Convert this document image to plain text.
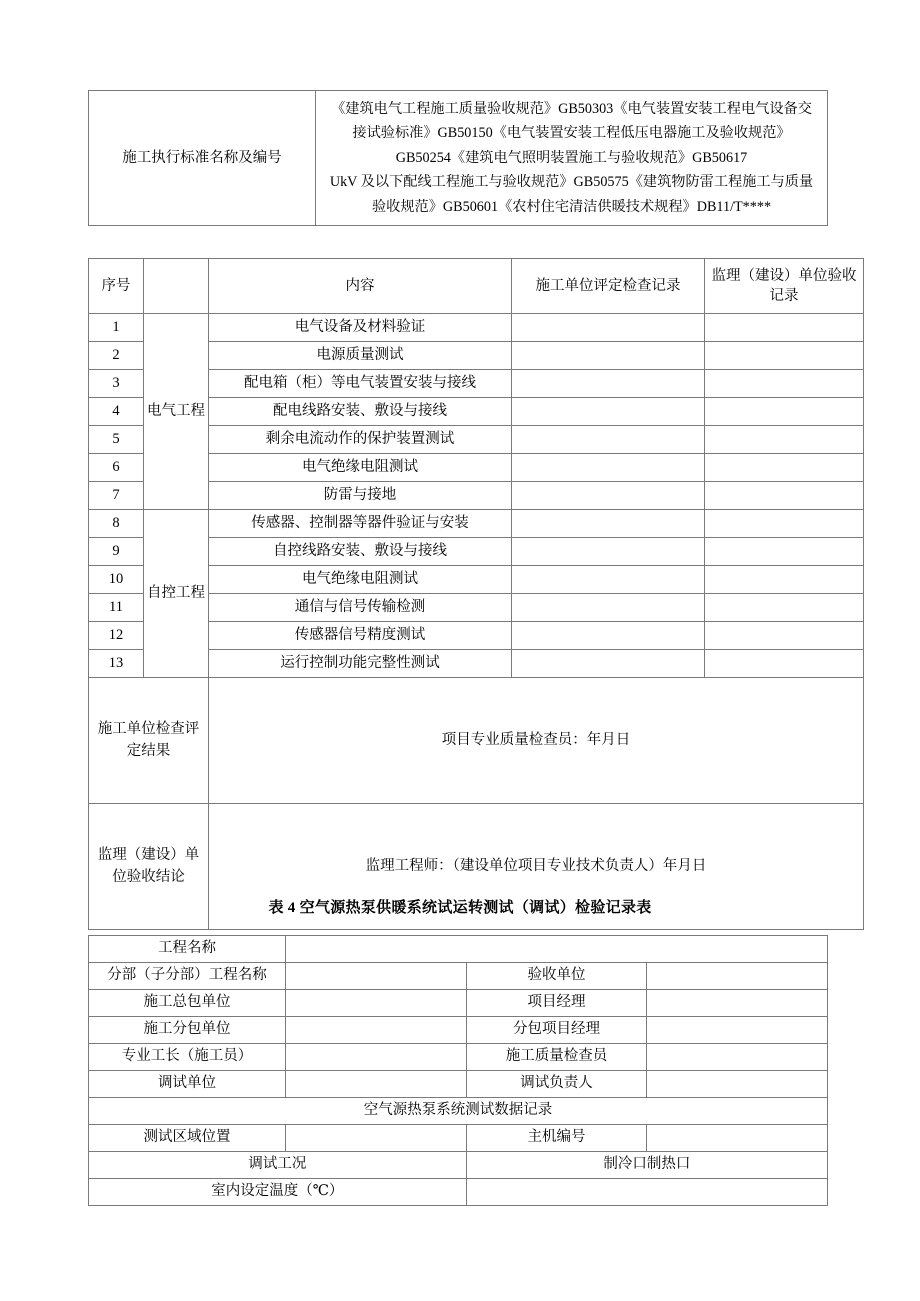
施工执行标准名称及编号	
《建筑电气工程施工质量验收规范》GB50303《电气装置安装工程电气设备交
接试验标准》GB50150《电气装置安装工程低压电器施工及验收规范》
GB50254《建筑电气照明装置施工与验收规范》GB50617
UkV 及以下配线工程施工与验收规范》GB50575《建筑物防雷工程施工与质量
验收规范》GB50601《农村住宅清洁供暖技术规程》DB11/T****
序号		内容	施工单位评定检查记录	监理（建设）单位验收记录
1	电气工程	电气设备及材料验证		
2		电源质量测试		
3		配电箱（柜）等电气装置安装与接线		
4		配电线路安装、敷设与接线		
5		剩余电流动作的保护装置测试		
6		电气绝缘电阻测试		
7		防雷与接地		
8	自控工程	传感器、控制器等器件验证与安装		
9		自控线路安装、敷设与接线		
10		电气绝缘电阻测试		
11		通信与信号传输检测		
12		传感器信号精度测试		
13		运行控制功能完整性测试		
施工单位检查评定结果		项目专业质量检查员：年月日		
监理（建设）单位验收结论		监理工程师：（建设单位项目专业技术负责人）年月日		
表 4 空气源热泵供暖系统试运转测试（调试）检验记录表
工程名称			
分部（子分部）工程名称		验收单位	
施工总包单位		项目经理	
施工分包单位		分包项目经理	
专业工长（施工员）		施工质量检查员	
调试单位		调试负责人	
空气源热泵系统测试数据记录			
测试区域位置		主机编号	
调试工况		制冷口制热口	
室内设定温度（℃）			
